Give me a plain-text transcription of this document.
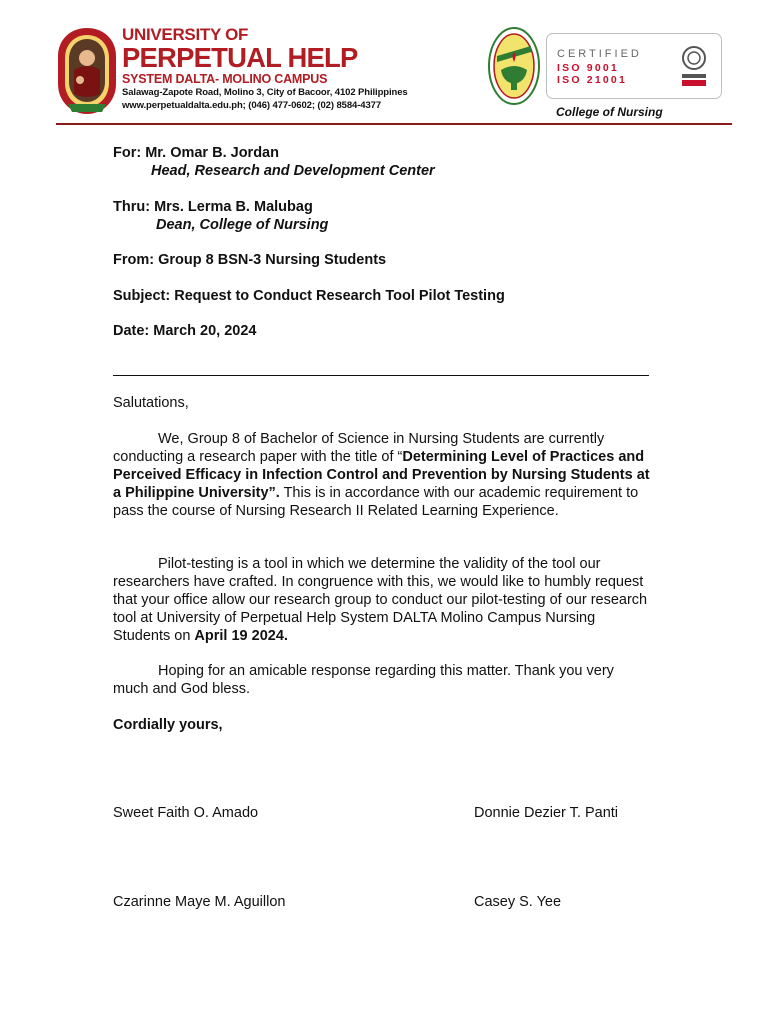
UNIVERSITY OF
PERPETUAL HELP
SYSTEM DALTA- MOLINO CAMPUS
Salawag-Zapote Road, Molino 3, City of Bacoor, 4102 Philippines
www.perpetualdalta.edu.ph; (046) 477-0602; (02) 8584-4377
CERTIFIED
ISO 9001
ISO 21001
College of Nursing
For: Mr. Omar B. Jordan
Head, Research and Development Center
Thru: Mrs. Lerma B. Malubag
Dean, College of Nursing
From: Group 8 BSN-3 Nursing Students
Subject: Request to Conduct Research Tool Pilot Testing
Date: March 20, 2024
Salutations,
We, Group 8 of Bachelor of Science in Nursing Students are currently conducting a research paper with the title of “Determining Level of Practices and Perceived Efficacy in Infection Control and Prevention by Nursing Students at a Philippine University”. This is in accordance with our academic requirement to pass the course of Nursing Research II Related Learning Experience.
Pilot-testing is a tool in which we determine the validity of the tool our researchers have crafted. In congruence with this, we would like to humbly request that your office allow our research group to conduct our pilot-testing of our research tool at University of Perpetual Help System DALTA Molino Campus Nursing Students on April 19 2024.
Hoping for an amicable response regarding this matter. Thank you very much and God bless.
Cordially yours,
Sweet Faith O. Amado	Donnie Dezier T. Panti
Czarinne Maye M. Aguillon	Casey S. Yee
